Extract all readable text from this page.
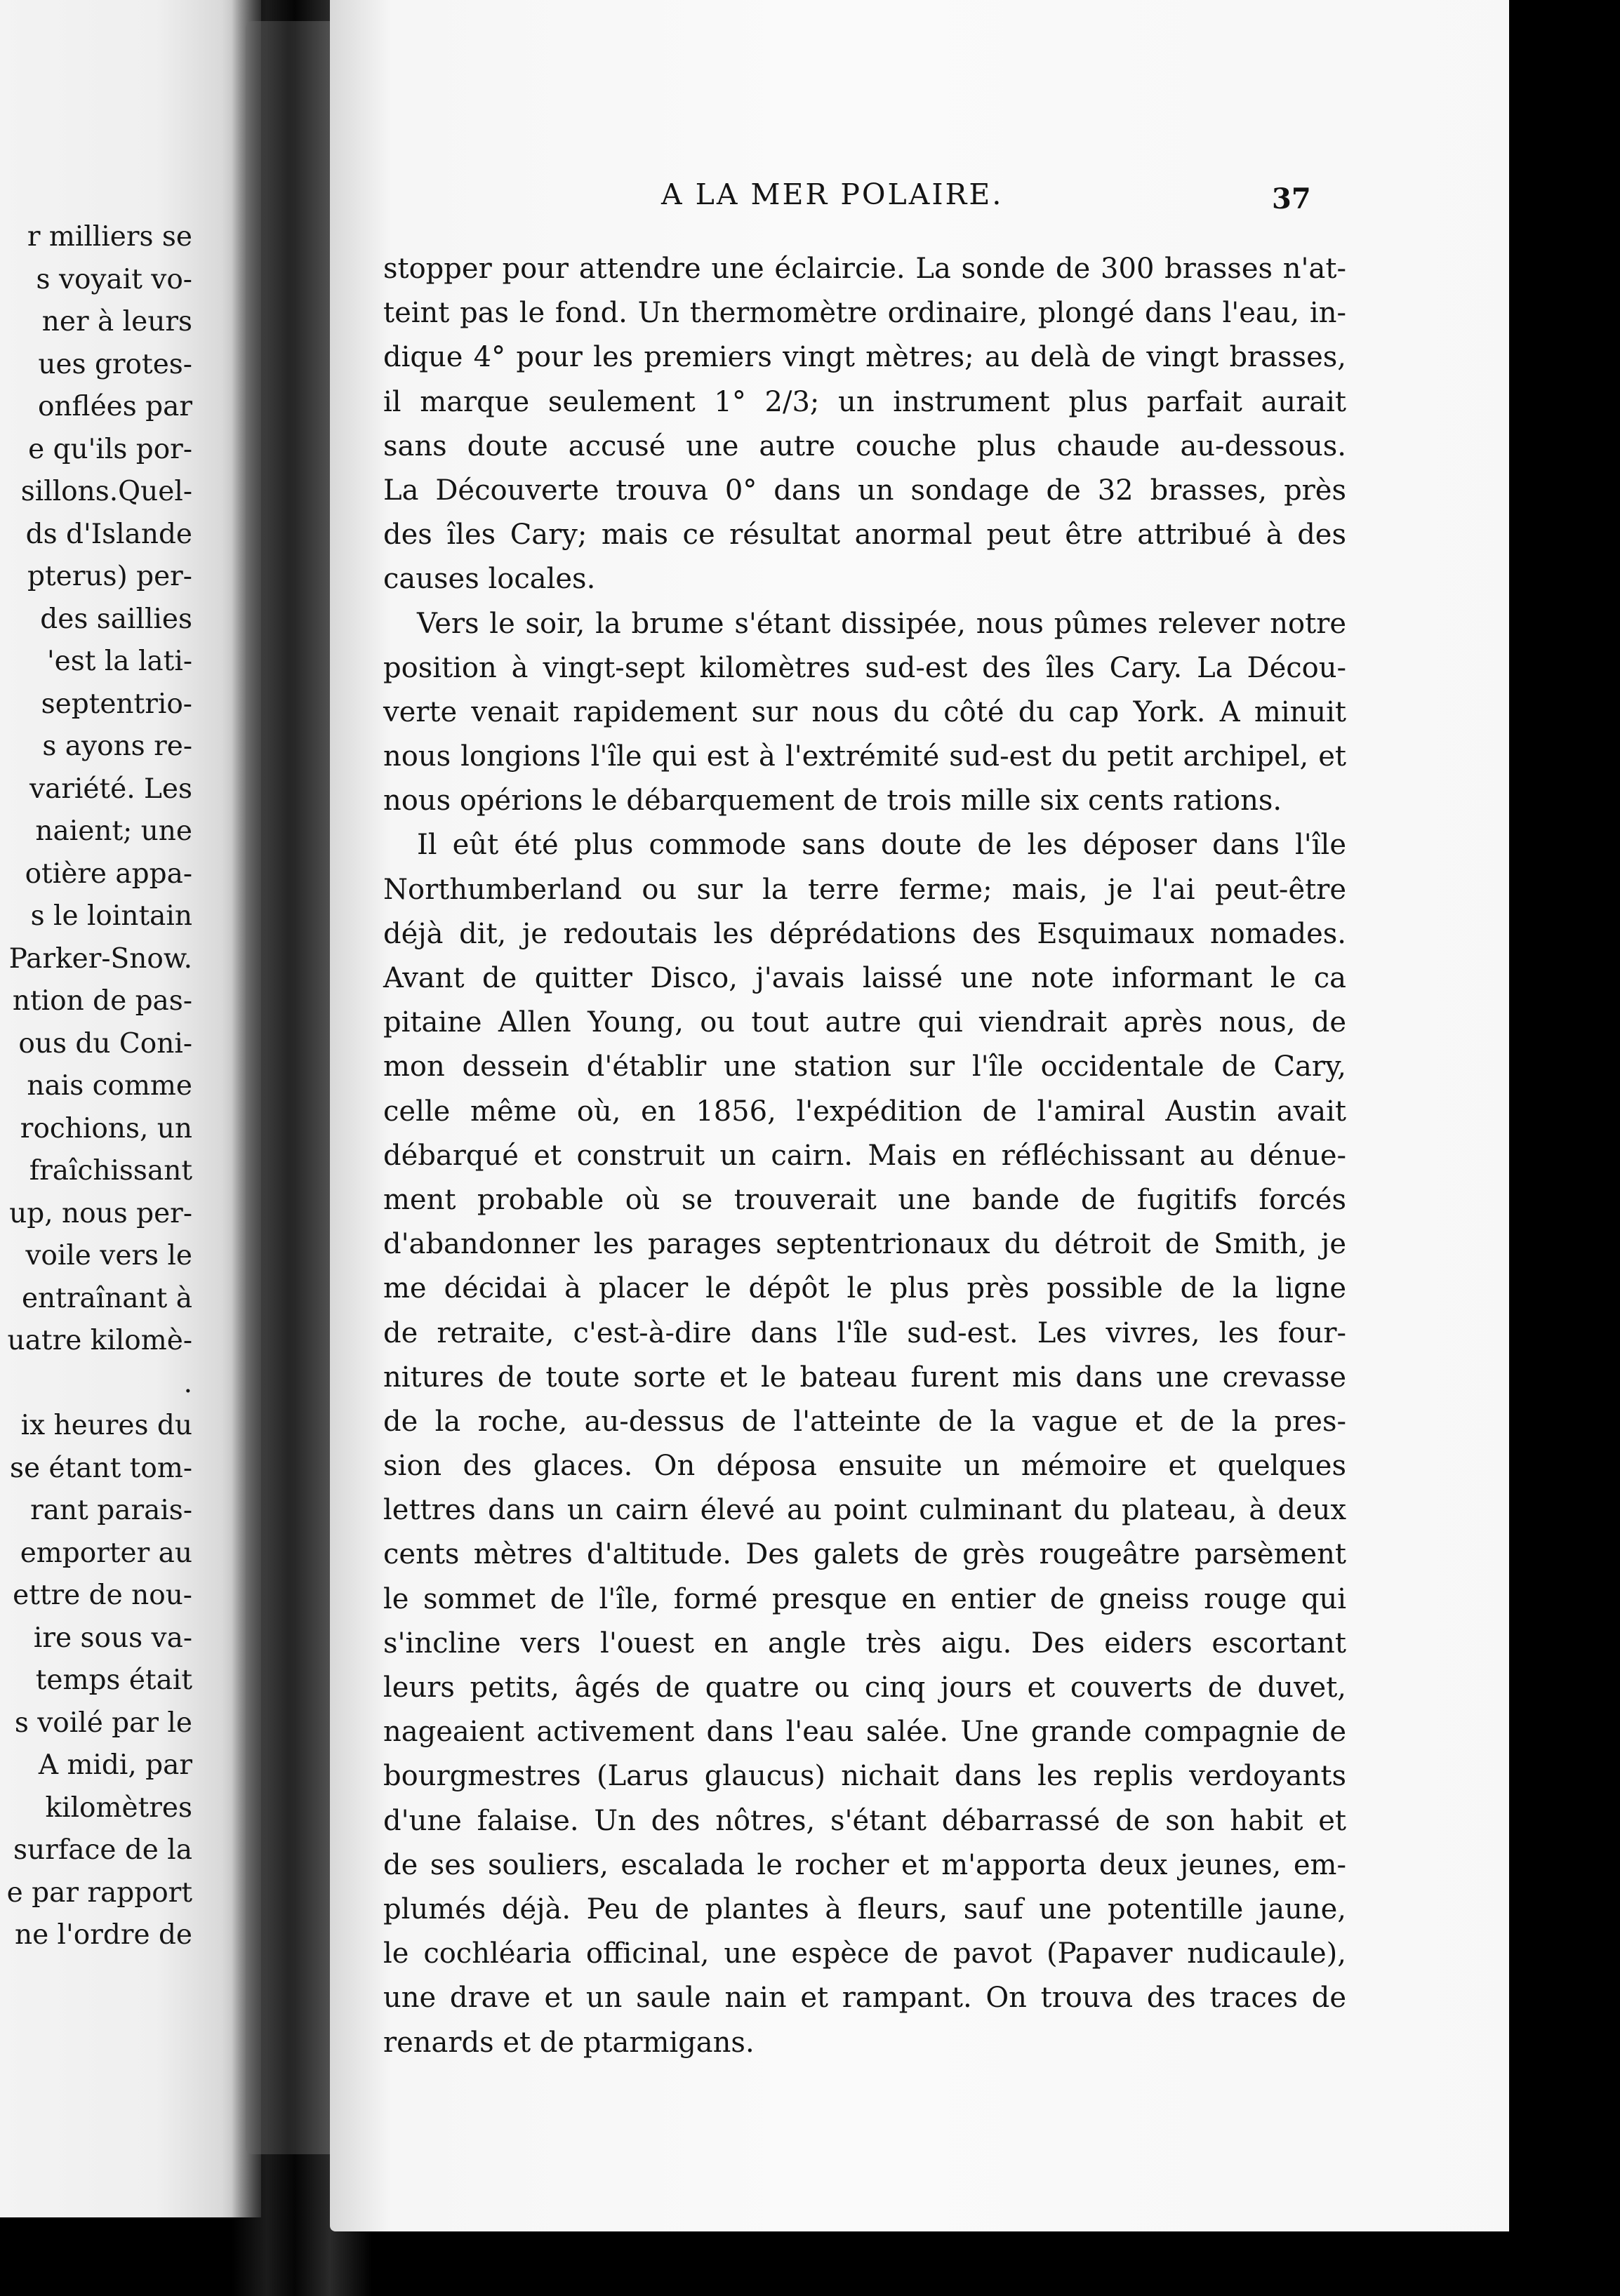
r milliers se
s voyait vo-
ner à leurs
ues grotes-
onflées par
e qu'ils por-
sillons.Quel-
ds d'Islande
pterus) per-
des saillies
'est la lati-
septentrio-
s ayons re-
variété. Les
naient; une
otière appa-
s le lointain
Parker-Snow.
ntion de pas-
ous du Coni-
nais comme
rochions, un
fraîchissant
up, nous per-
voile vers le
entraînant à
uatre kilomè-
.
ix heures du
se étant tom-
rant parais-
emporter au
ettre de nou-
ire sous va-
temps était
s voilé par le
A midi, par
kilomètres
surface de la
e par rapport
ne l'ordre de
A LA MER POLAIRE.	37
stopper pour attendre une éclaircie. La sonde de 300 brasses n'at-
teint pas le fond. Un thermomètre ordinaire, plongé dans l'eau, in-
dique 4° pour les premiers vingt mètres; au delà de vingt brasses,
il marque seulement 1° 2/3; un instrument plus parfait aurait
sans doute accusé une autre couche plus chaude au-dessous.
La Découverte trouva 0° dans un sondage de 32 brasses, près
des îles Cary; mais ce résultat anormal peut être attribué à des
causes locales.
Vers le soir, la brume s'étant dissipée, nous pûmes relever notre
position à vingt-sept kilomètres sud-est des îles Cary. La Décou-
verte venait rapidement sur nous du côté du cap York. A minuit
nous longions l'île qui est à l'extrémité sud-est du petit archipel, et
nous opérions le débarquement de trois mille six cents rations.
Il eût été plus commode sans doute de les déposer dans l'île
Northumberland ou sur la terre ferme; mais, je l'ai peut-être
déjà dit, je redoutais les déprédations des Esquimaux nomades.
Avant de quitter Disco, j'avais laissé une note informant le ca
pitaine Allen Young, ou tout autre qui viendrait après nous, de
mon dessein d'établir une station sur l'île occidentale de Cary,
celle même où, en 1856, l'expédition de l'amiral Austin avait
débarqué et construit un cairn. Mais en réfléchissant au dénue-
ment probable où se trouverait une bande de fugitifs forcés
d'abandonner les parages septentrionaux du détroit de Smith, je
me décidai à placer le dépôt le plus près possible de la ligne
de retraite, c'est-à-dire dans l'île sud-est. Les vivres, les four-
nitures de toute sorte et le bateau furent mis dans une crevasse
de la roche, au-dessus de l'atteinte de la vague et de la pres-
sion des glaces. On déposa ensuite un mémoire et quelques
lettres dans un cairn élevé au point culminant du plateau, à deux
cents mètres d'altitude. Des galets de grès rougeâtre parsèment
le sommet de l'île, formé presque en entier de gneiss rouge qui
s'incline vers l'ouest en angle très aigu. Des eiders escortant
leurs petits, âgés de quatre ou cinq jours et couverts de duvet,
nageaient activement dans l'eau salée. Une grande compagnie de
bourgmestres (Larus glaucus) nichait dans les replis verdoyants
d'une falaise. Un des nôtres, s'étant débarrassé de son habit et
de ses souliers, escalada le rocher et m'apporta deux jeunes, em-
plumés déjà. Peu de plantes à fleurs, sauf une potentille jaune,
le cochléaria officinal, une espèce de pavot (Papaver nudicaule),
une drave et un saule nain et rampant. On trouva des traces de
renards et de ptarmigans.
